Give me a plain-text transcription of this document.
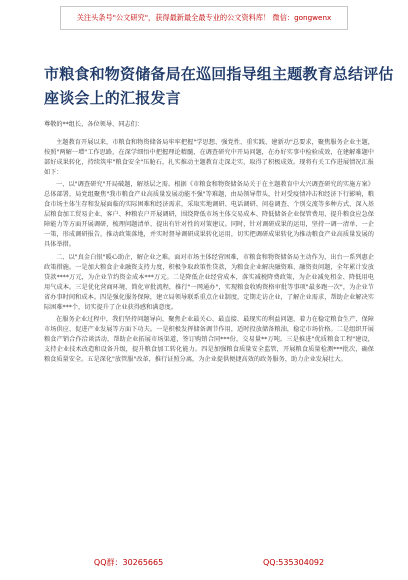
关注头条号"公文研究"，获得最新最全最专业的公文资料库！ 微信：gongwenx
市粮食和物资储备局在巡回指导组主题教育总结评估
座谈会上的汇报发言
尊敬的**组长、各位领导、同志们：

主题教育开展以来，市粮食和物资储备局牢牢把握"学思想、强党性、重实践、建新功"总要求，聚焦服务企业主题，按照"两解一增"工作思路，在深学细悟中把握理论精髓，在调查研究中开局问题，在办好实事中检验成效，在建解难题中部好成果转化，持续筑牢"粮食安全"压舱石，扎实推动主题教育走深走实，取得了积极成效。现将有关工作进展情况汇报如下：

一、以"调查研究"开局破题，解基层之需。根据《市粮食和物资储备局关于在主题教育中大兴调查研究的实施方案》总体部署，局党组聚焦"我市粮食产业高质量发展动能不强"等难题，由局领导带头，针对受疫情冲击和经济下行影响，粮食市场主体生存和发展面临的实际困难和经济需求，采取实地调研、电话调研、问卷调查、个别交流等多种方式，深入基层粮食加工贸易企业、客户、种粮农户开展调研，围绕降低市场主体交易成本、降低储备企业保管费用、提升粮食应急保障能力等方面开展调研，梳理问题清单、提出有针对性的对策建议。同时，针对调研成果的运用，坚持一调一清单、一企一策，形成调研报告，推动政策落地，并实时督导调研成果转化运用，切实把调研成果转化为推动粮食产业高质量发展的具体举措。

二、以"真金白银"暖心助企，解企业之难。面对市场主体经营困难，市粮食和物资储备局主动作为，出台一系列惠企政策措施。一是加大粮食企业融资支持力度，积极争取政策性贷款，为粮食企业解决融资难、融资贵问题，全年累计发放贷款****万元，为企业节约资金成本***万元。二是降低企业经营成本，落实减税降费政策，为企业减免租金、降低用电用气成本。三是优化营商环境，简化审批流程，推行"一网通办"，实现粮食收购资格审批等事项"最多跑一次"，为企业节省办事时间和成本。四是强化服务保障，建立局领导联系重点企业制度，定期走访企业，了解企业需求，帮助企业解决实际困难***个，切实提升了企业获得感和满意度。

在服务企业过程中，我们坚持问题导向，聚焦企业最关心、最直接、最现实的利益问题，着力在稳定粮食生产、保障市场供应、促进产业发展等方面下功夫。一是积极发挥储备调节作用，适时投放储备粮油，稳定市场价格。二是组织开展粮食产销合作洽谈活动，帮助企业拓展市场渠道，签订购销合同***份，交易量**万吨。三是推进"优质粮食工程"建设，支持企业技术改造和设备升级，提升粮食加工转化能力。四是加强粮食质量安全监管，开展粮食质量检测***批次，确保粮食质量安全。五是深化"放管服"改革，推行证照分离，为企业提供便捷高效的政务服务，助力企业发展壮大。

QQ群：30265665	QQ:535304092
